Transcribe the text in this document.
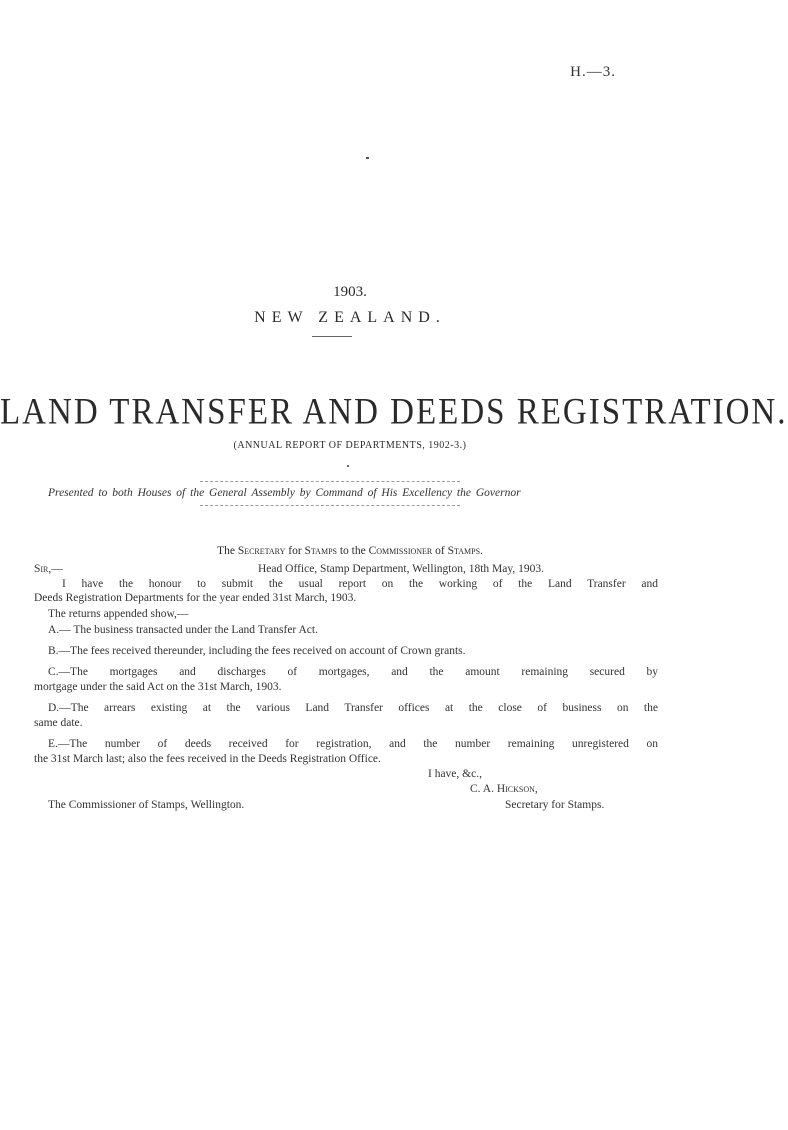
H.—3.
1903.
NEW ZEALAND.
LAND TRANSFER AND DEEDS REGISTRATION.
(ANNUAL REPORT OF DEPARTMENTS, 1902-3.)
Presented to both Houses of the General Assembly by Command of His Excellency the Governor
The Secretary for Stamps to the Commissioner of Stamps.
Sir,—	Head Office, Stamp Department, Wellington, 18th May, 1903.
I have the honour to submit the usual report on the working of the Land Transfer and
Deeds Registration Departments for the year ended 31st March, 1903.
The returns appended show,—
A.— The business transacted under the Land Transfer Act.
B.—The fees received thereunder, including the fees received on account of Crown grants.
C.—The mortgages and discharges of mortgages, and the amount remaining secured by
mortgage under the said Act on the 31st March, 1903.
D.—The arrears existing at the various Land Transfer offices at the close of business on the
same date.
E.—The number of deeds received for registration, and the number remaining unregistered on
the 31st March last; also the fees received in the Deeds Registration Office.
I have, &c.,
C. A. Hickson,
The Commissioner of Stamps, Wellington.	Secretary for Stamps.
